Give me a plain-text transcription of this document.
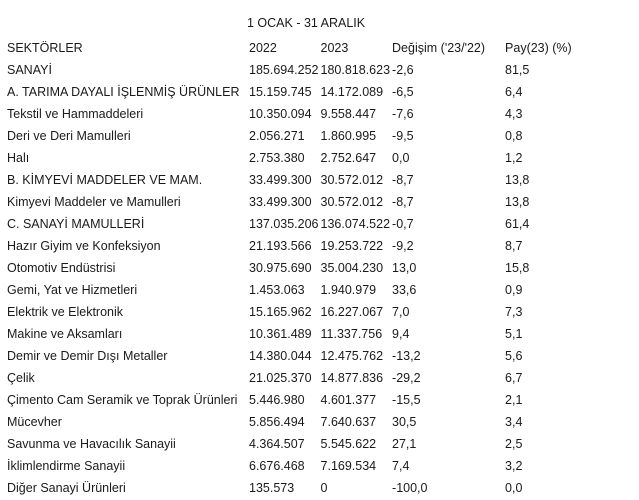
1 OCAK - 31 ARALIK
SEKTÖRLER	2022	2023	Değişim ('23/'22)	Pay(23) (%)
SANAYİ	185.694.252	180.818.623	-2,6	81,5
A. TARIMA DAYALI İŞLENMİŞ ÜRÜNLER	15.159.745	14.172.089	-6,5	6,4
Tekstil ve Hammaddeleri	10.350.094	9.558.447	-7,6	4,3
Deri ve Deri Mamulleri	2.056.271	1.860.995	-9,5	0,8
Halı	2.753.380	2.752.647	0,0	1,2
B. KİMYEVİ MADDELER VE MAM.	33.499.300	30.572.012	-8,7	13,8
Kimyevi Maddeler ve Mamulleri	33.499.300	30.572.012	-8,7	13,8
C. SANAYİ MAMULLERİ	137.035.206	136.074.522	-0,7	61,4
Hazır Giyim ve Konfeksiyon	21.193.566	19.253.722	-9,2	8,7
Otomotiv Endüstrisi	30.975.690	35.004.230	13,0	15,8
Gemi, Yat ve Hizmetleri	1.453.063	1.940.979	33,6	0,9
Elektrik ve Elektronik	15.165.962	16.227.067	7,0	7,3
Makine ve Aksamları	10.361.489	11.337.756	9,4	5,1
Demir ve Demir Dışı Metaller	14.380.044	12.475.762	-13,2	5,6
Çelik	21.025.370	14.877.836	-29,2	6,7
Çimento Cam Seramik ve Toprak Ürünleri	5.446.980	4.601.377	-15,5	2,1
Mücevher	5.856.494	7.640.637	30,5	3,4
Savunma ve Havacılık Sanayii	4.364.507	5.545.622	27,1	2,5
İklimlendirme Sanayii	6.676.468	7.169.534	7,4	3,2
Diğer Sanayi Ürünleri	135.573	0	-100,0	0,0
